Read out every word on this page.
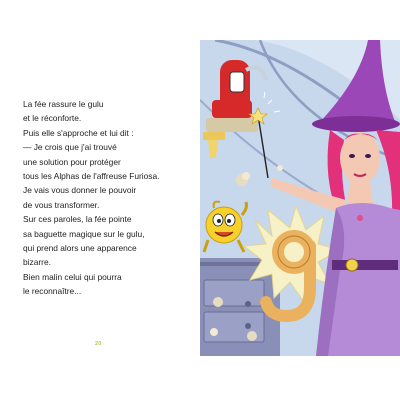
La fée rassure le gulu
et le réconforte.
Puis elle s'approche et lui dit :
— Je crois que j'ai trouvé
une solution pour protéger
tous les Alphas de l'affreuse Furiosa.
Je vais vous donner le pouvoir
de vous transformer.
Sur ces paroles, la fée pointe
sa baguette magique sur le gulu,
qui prend alors une apparence
bizarre.
Bien malin celui qui pourra
le reconnaître...
20
